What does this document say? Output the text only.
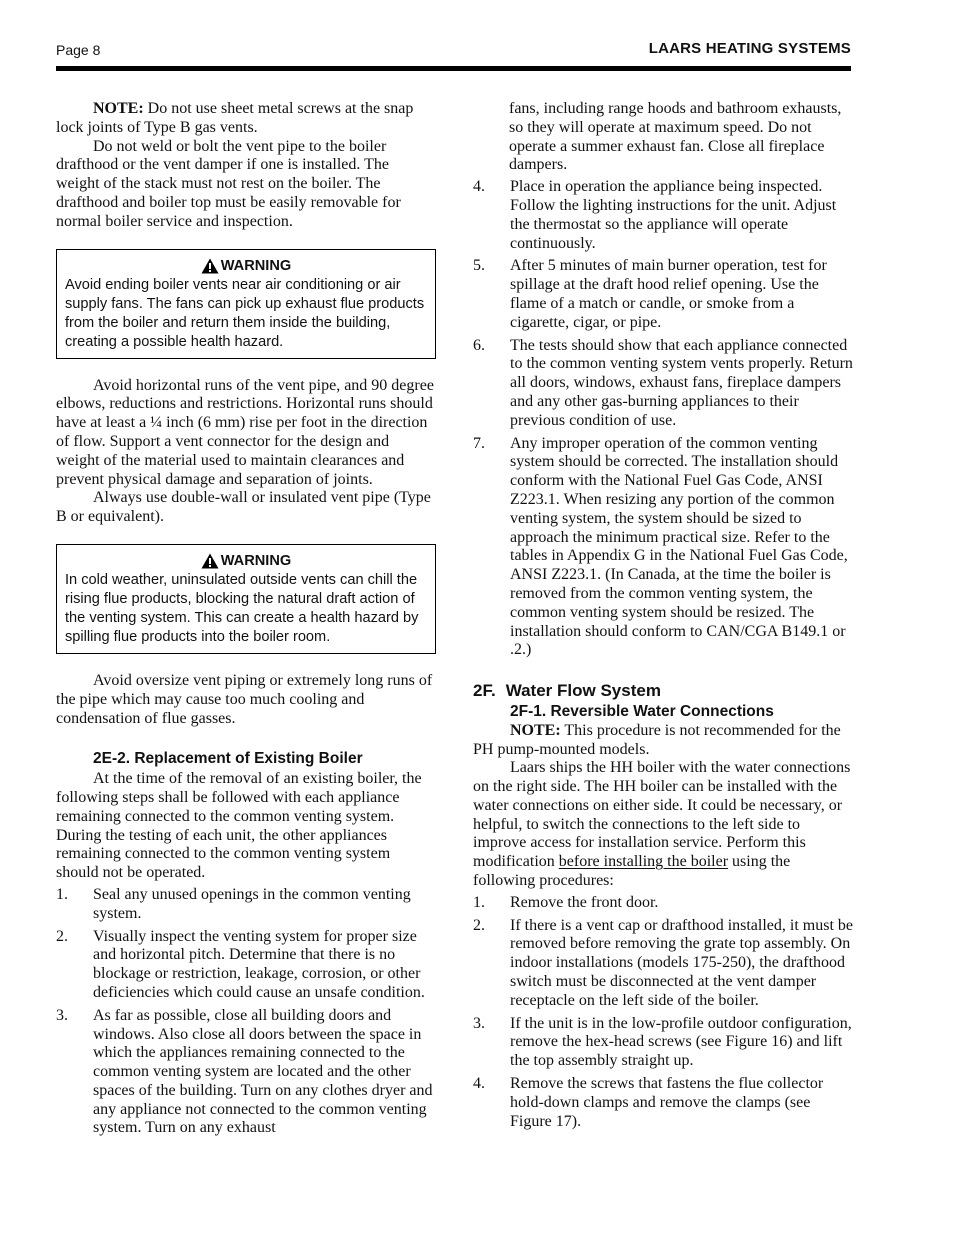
Page 8	LAARS HEATING SYSTEMS

NOTE: Do not use sheet metal screws at the snap lock joints of Type B gas vents.

Do not weld or bolt the vent pipe to the boiler drafthood or the vent damper if one is installed. The weight of the stack must not rest on the boiler. The drafthood and boiler top must be easily removable for normal boiler service and inspection.

WARNING
Avoid ending boiler vents near air conditioning or air supply fans. The fans can pick up exhaust flue products from the boiler and return them inside the building, creating a possible health hazard.

Avoid horizontal runs of the vent pipe, and 90 degree elbows, reductions and restrictions. Horizontal runs should have at least a ¼ inch (6 mm) rise per foot in the direction of flow. Support a vent connector for the design and weight of the material used to maintain clearances and prevent physical damage and separation of joints.

Always use double-wall or insulated vent pipe (Type B or equivalent).

WARNING
In cold weather, uninsulated outside vents can chill the rising flue products, blocking the natural draft action of the venting system. This can create a health hazard by spilling flue products into the boiler room.

Avoid oversize vent piping or extremely long runs of the pipe which may cause too much cooling and condensation of flue gasses.

2E-2. Replacement of Existing Boiler

At the time of the removal of an existing boiler, the following steps shall be followed with each appliance remaining connected to the common venting system. During the testing of each unit, the other appliances remaining connected to the common venting system should not be operated.

1. Seal any unused openings in the common venting system.
2. Visually inspect the venting system for proper size and horizontal pitch. Determine that there is no blockage or restriction, leakage, corrosion, or other deficiencies which could cause an unsafe condition.
3. As far as possible, close all building doors and windows. Also close all doors between the space in which the appliances remaining connected to the common venting system are located and the other spaces of the building. Turn on any clothes dryer and any appliance not connected to the common venting system. Turn on any exhaust

fans, including range hoods and bathroom exhausts, so they will operate at maximum speed. Do not operate a summer exhaust fan. Close all fireplace dampers.

4. Place in operation the appliance being inspected. Follow the lighting instructions for the unit. Adjust the thermostat so the appliance will operate continuously.
5. After 5 minutes of main burner operation, test for spillage at the draft hood relief opening. Use the flame of a match or candle, or smoke from a cigarette, cigar, or pipe.
6. The tests should show that each appliance connected to the common venting system vents properly. Return all doors, windows, exhaust fans, fireplace dampers and any other gas-burning appliances to their previous condition of use.
7. Any improper operation of the common venting system should be corrected. The installation should conform with the National Fuel Gas Code, ANSI Z223.1. When resizing any portion of the common venting system, the system should be sized to approach the minimum practical size. Refer to the tables in Appendix G in the National Fuel Gas Code, ANSI Z223.1. (In Canada, at the time the boiler is removed from the common venting system, the common venting system should be resized. The installation should conform to CAN/CGA B149.1 or .2.)
2F. Water Flow System
2F-1. Reversible Water Connections

NOTE: This procedure is not recommended for the PH pump-mounted models.

Laars ships the HH boiler with the water connections on the right side. The HH boiler can be installed with the water connections on either side. It could be necessary, or helpful, to switch the connections to the left side to improve access for installation service. Perform this modification before installing the boiler using the following procedures:

1. Remove the front door.
2. If there is a vent cap or drafthood installed, it must be removed before removing the grate top assembly. On indoor installations (models 175-250), the drafthood switch must be disconnected at the vent damper receptacle on the left side of the boiler.
3. If the unit is in the low-profile outdoor configuration, remove the hex-head screws (see Figure 16) and lift the top assembly straight up.
4. Remove the screws that fastens the flue collector hold-down clamps and remove the clamps (see Figure 17).
